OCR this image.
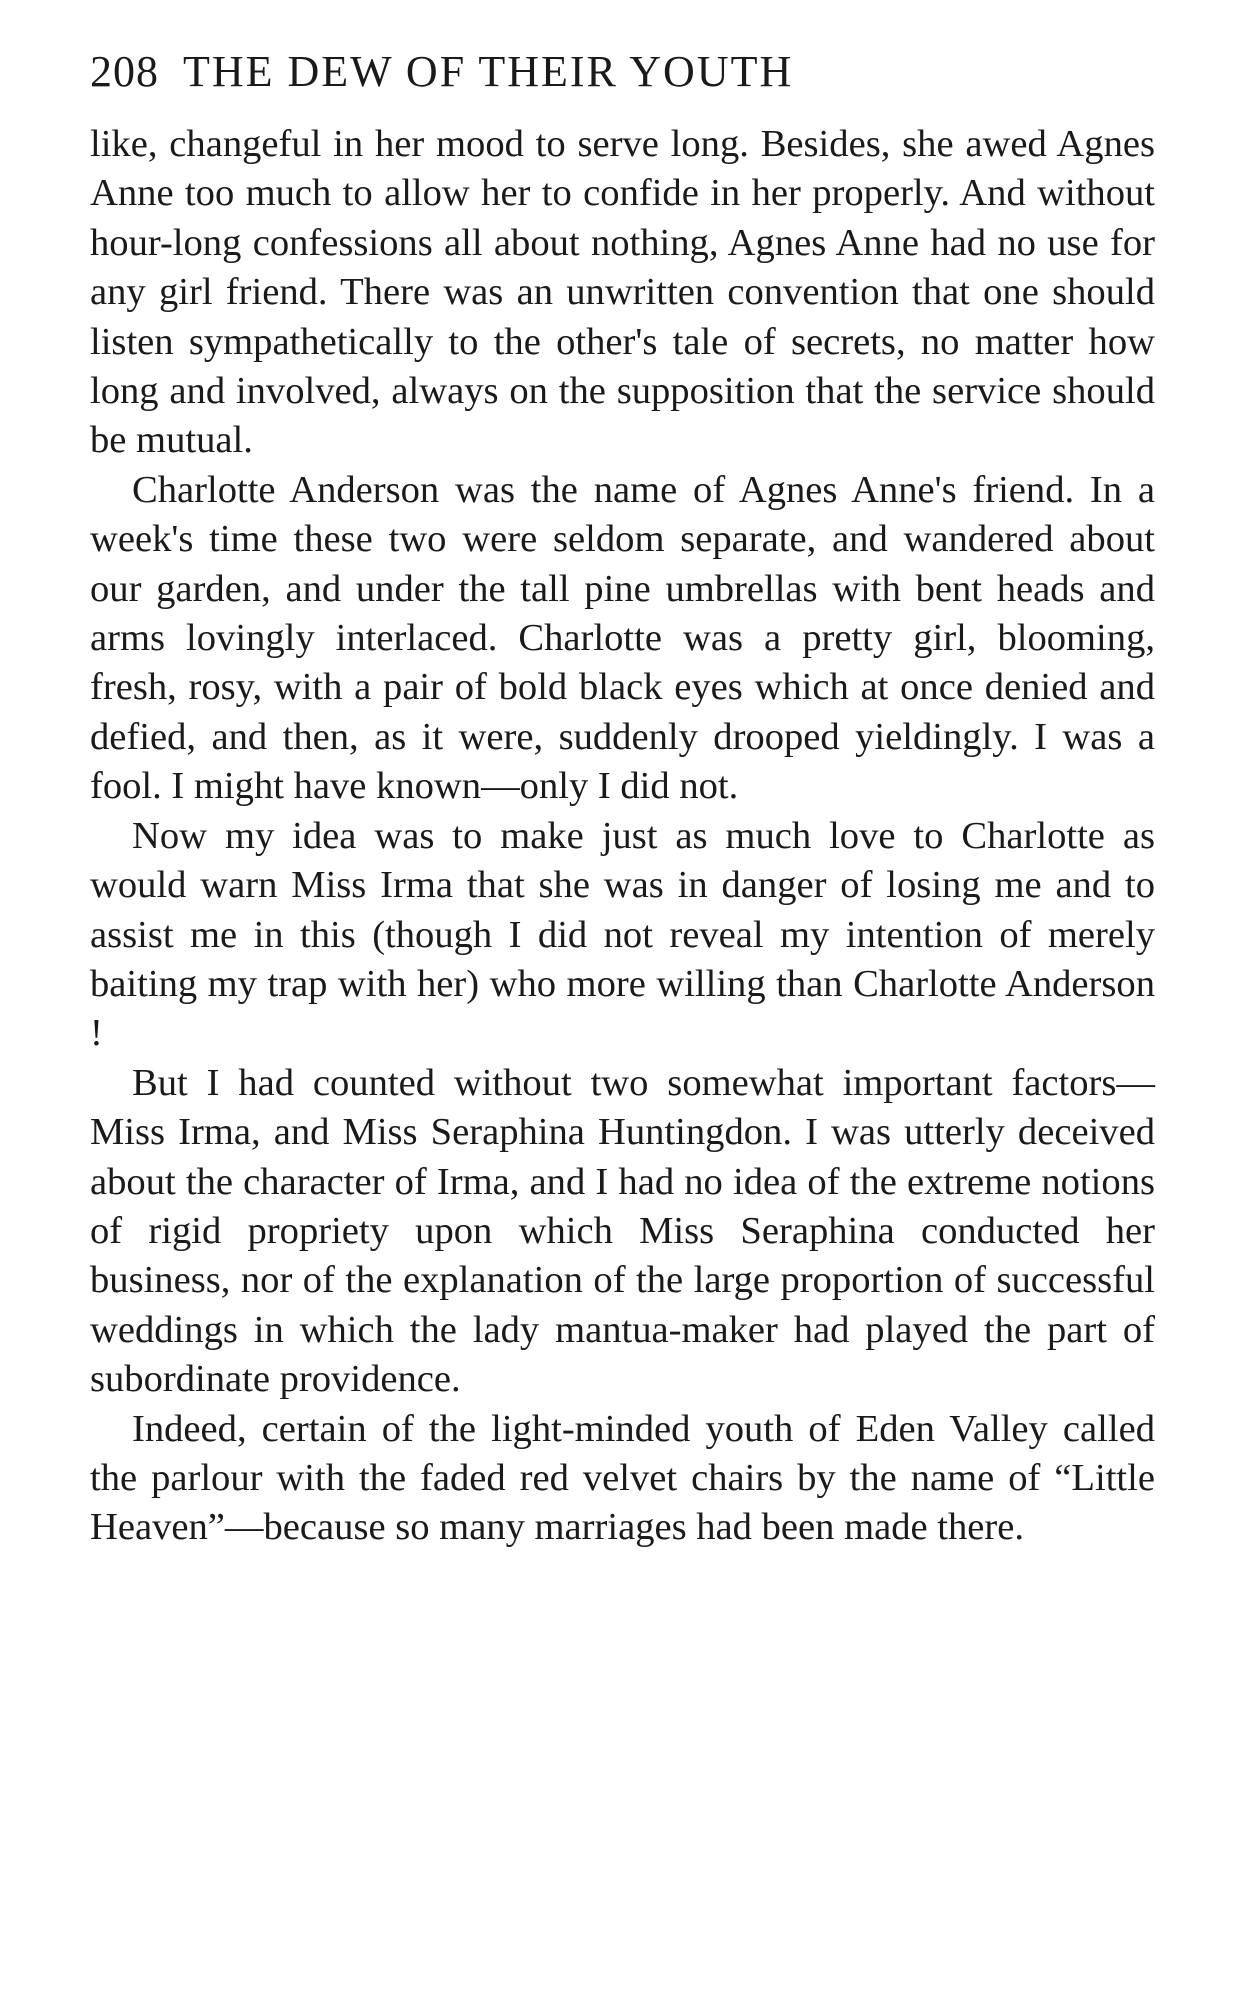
208 THE DEW OF THEIR YOUTH

like, changeful in her mood to serve long. Besides, she awed Agnes Anne too much to allow her to confide in her properly. And without hour-long confessions all about nothing, Agnes Anne had no use for any girl friend. There was an unwritten convention that one should listen sympathetically to the other's tale of secrets, no matter how long and involved, always on the supposition that the service should be mutual.

Charlotte Anderson was the name of Agnes Anne's friend. In a week's time these two were seldom separate, and wandered about our garden, and under the tall pine umbrellas with bent heads and arms lovingly interlaced. Charlotte was a pretty girl, blooming, fresh, rosy, with a pair of bold black eyes which at once denied and defied, and then, as it were, suddenly drooped yieldingly. I was a fool. I might have known—only I did not.

Now my idea was to make just as much love to Charlotte as would warn Miss Irma that she was in danger of losing me and to assist me in this (though I did not reveal my intention of merely baiting my trap with her) who more willing than Charlotte Anderson !

But I had counted without two somewhat important factors—Miss Irma, and Miss Seraphina Huntingdon. I was utterly deceived about the character of Irma, and I had no idea of the extreme notions of rigid propriety upon which Miss Seraphina conducted her business, nor of the explanation of the large proportion of successful weddings in which the lady mantua-maker had played the part of subordinate providence.

Indeed, certain of the light-minded youth of Eden Valley called the parlour with the faded red velvet chairs by the name of “Little Heaven”—because so many marriages had been made there.
